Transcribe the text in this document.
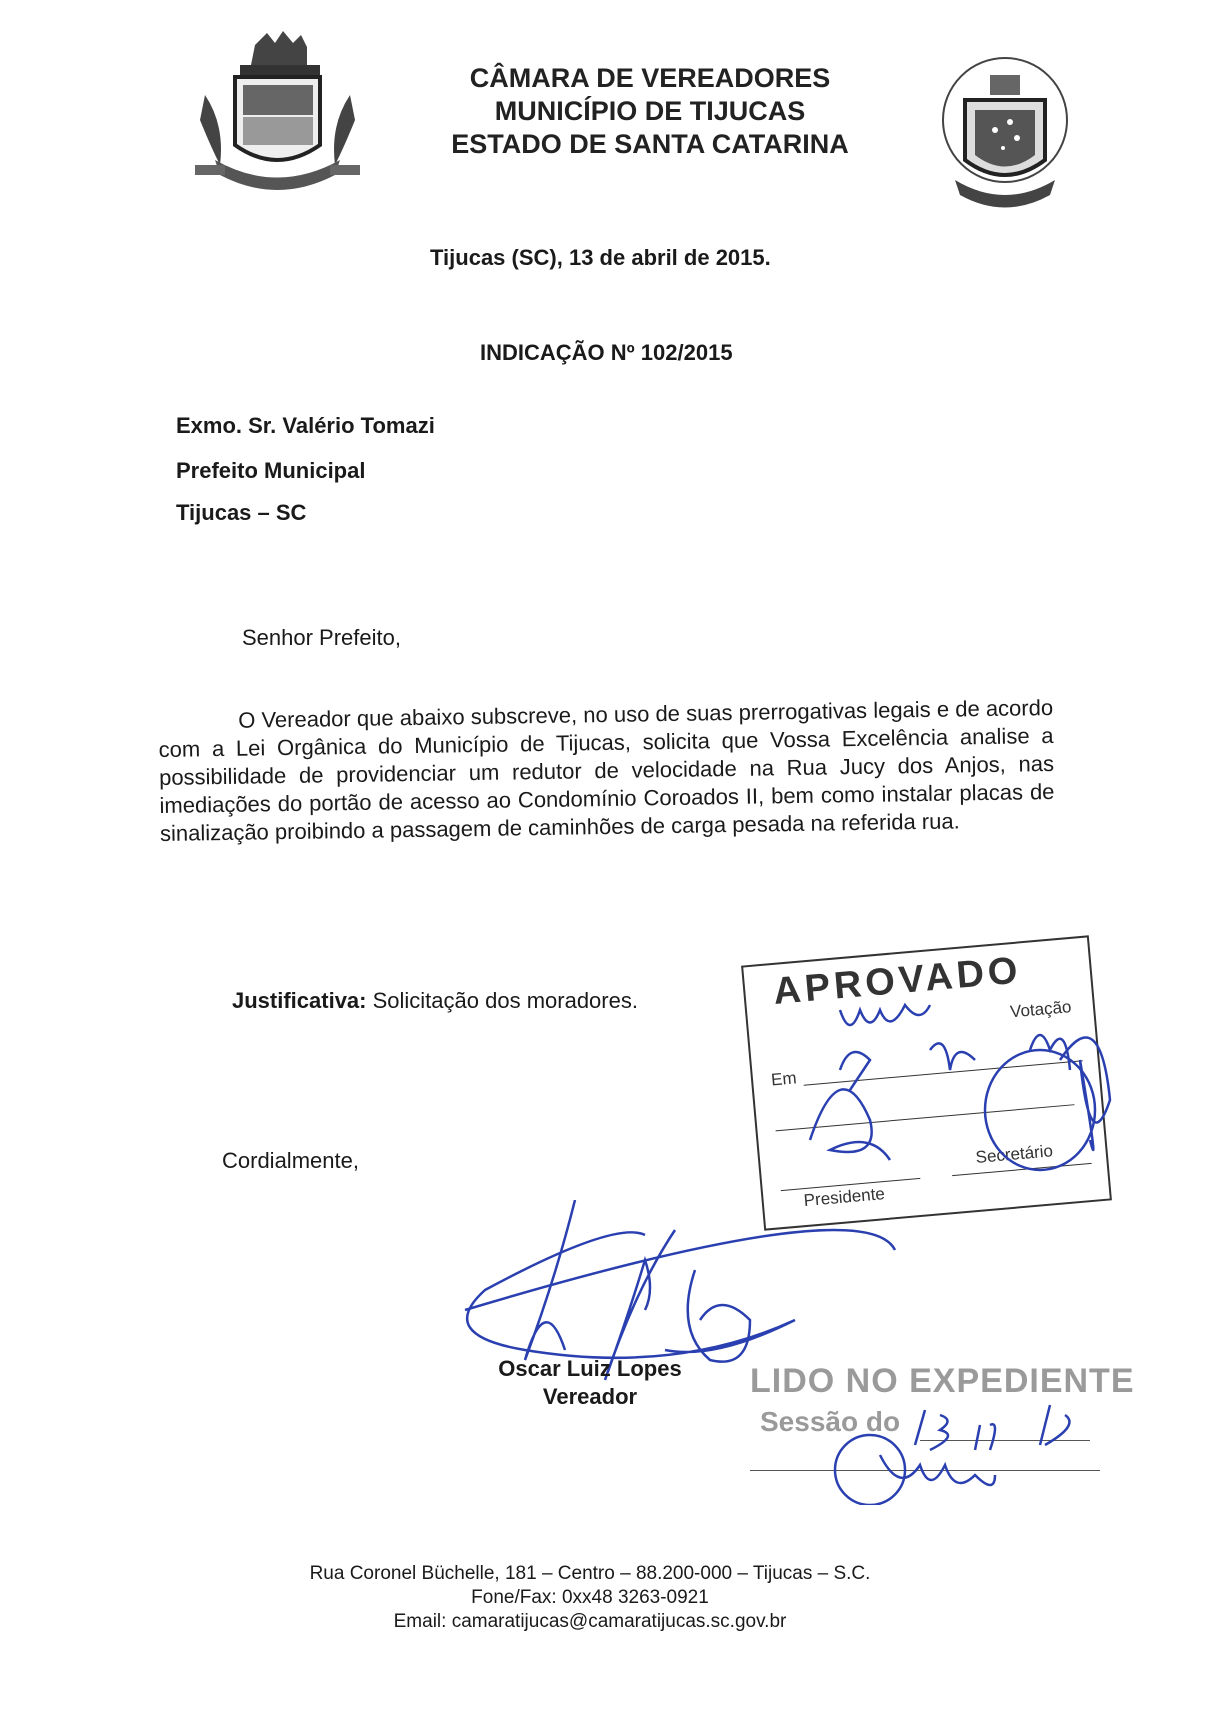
CÂMARA DE VEREADORES
MUNICÍPIO DE TIJUCAS
ESTADO DE SANTA CATARINA
Tijucas (SC), 13 de abril de 2015.
INDICAÇÃO Nº 102/2015
Exmo. Sr. Valério Tomazi
Prefeito Municipal
Tijucas – SC
Senhor Prefeito,

O Vereador que abaixo subscreve, no uso de suas prerrogativas legais e de acordo com a Lei Orgânica do Município de Tijucas, solicita que Vossa Excelência analise a possibilidade de providenciar um redutor de velocidade na Rua Jucy dos Anjos, nas imediações do portão de acesso ao Condomínio Coroados II, bem como instalar placas de sinalização proibindo a passagem de caminhões de carga pesada na referida rua.

Justificativa: Solicitação dos moradores.
Cordialmente,
APROVADO
Votação
Em
Presidente
Secretário
Oscar Luiz Lopes
Vereador	LIDO NO EXPEDIENTE
Sessão do
Rua Coronel Büchelle, 181 – Centro – 88.200-000 – Tijucas – S.C.
Fone/Fax: 0xx48 3263-0921
Email: camaratijucas@camaratijucas.sc.gov.br
